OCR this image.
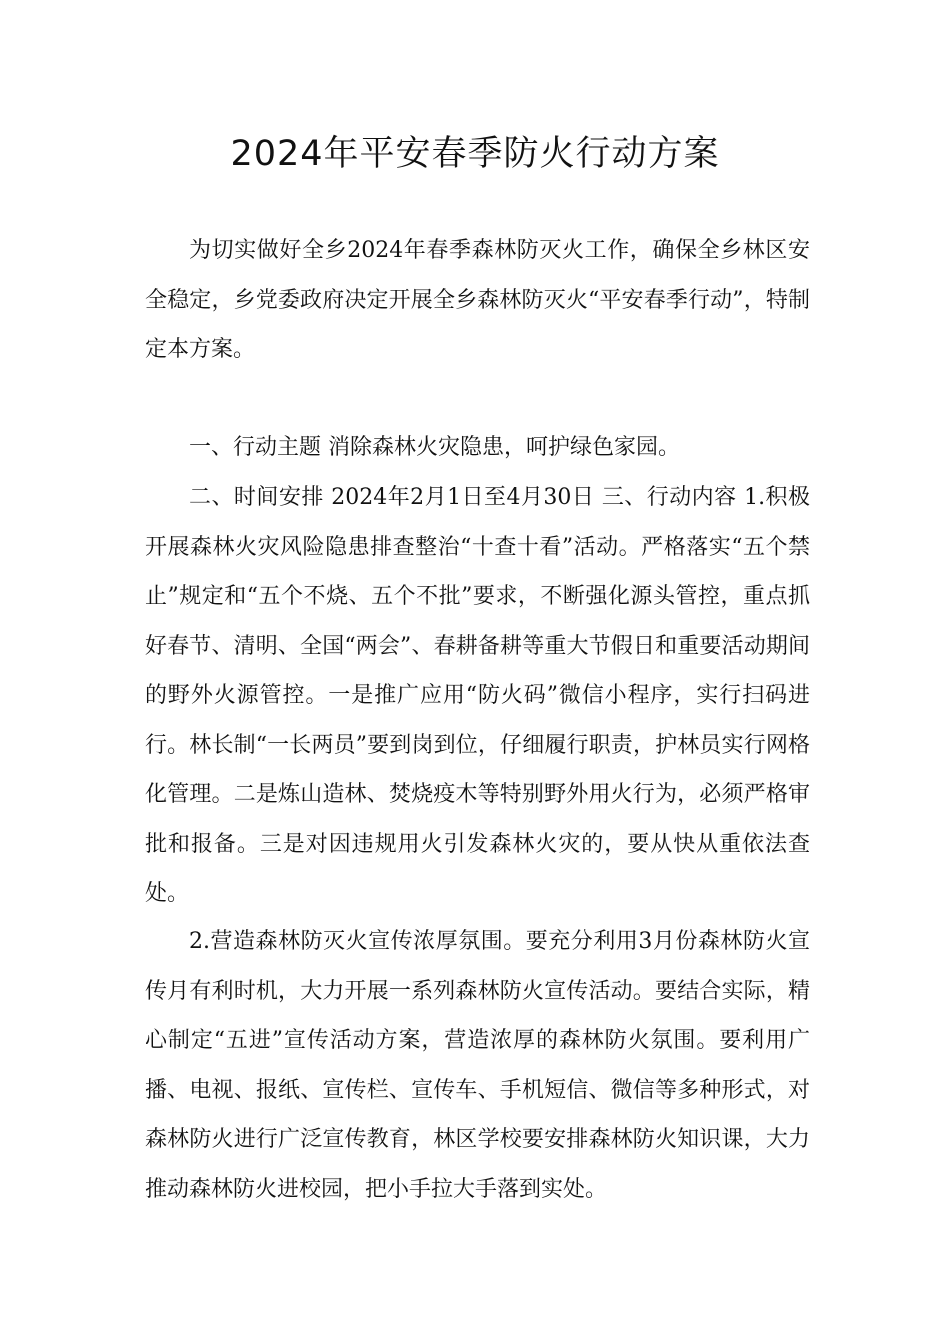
2024年平安春季防火行动方案

为切实做好全乡2024年春季森林防灭火工作，确保全乡林区安全稳定，乡党委政府决定开展全乡森林防灭火“平安春季行动”，特制定本方案。

一、行动主题 消除森林火灾隐患，呵护绿色家园。

二、时间安排 2024年2月1日至4月30日 三、行动内容 1.积极开展森林火灾风险隐患排查整治“十查十看”活动。严格落实“五个禁止”规定和“五个不烧、五个不批”要求，不断强化源头管控，重点抓好春节、清明、全国“两会”、春耕备耕等重大节假日和重要活动期间的野外火源管控。一是推广应用“防火码”微信小程序，实行扫码进行。林长制“一长两员”要到岗到位，仔细履行职责，护林员实行网格化管理。二是炼山造林、焚烧疫木等特别野外用火行为，必须严格审批和报备。三是对因违规用火引发森林火灾的，要从快从重依法查处。

2.营造森林防灭火宣传浓厚氛围。要充分利用3月份森林防火宣传月有利时机，大力开展一系列森林防火宣传活动。要结合实际，精心制定“五进”宣传活动方案，营造浓厚的森林防火氛围。要利用广播、电视、报纸、宣传栏、宣传车、手机短信、微信等多种形式，对森林防火进行广泛宣传教育，林区学校要安排森林防火知识课，大力推动森林防火进校园，把小手拉大手落到实处。
